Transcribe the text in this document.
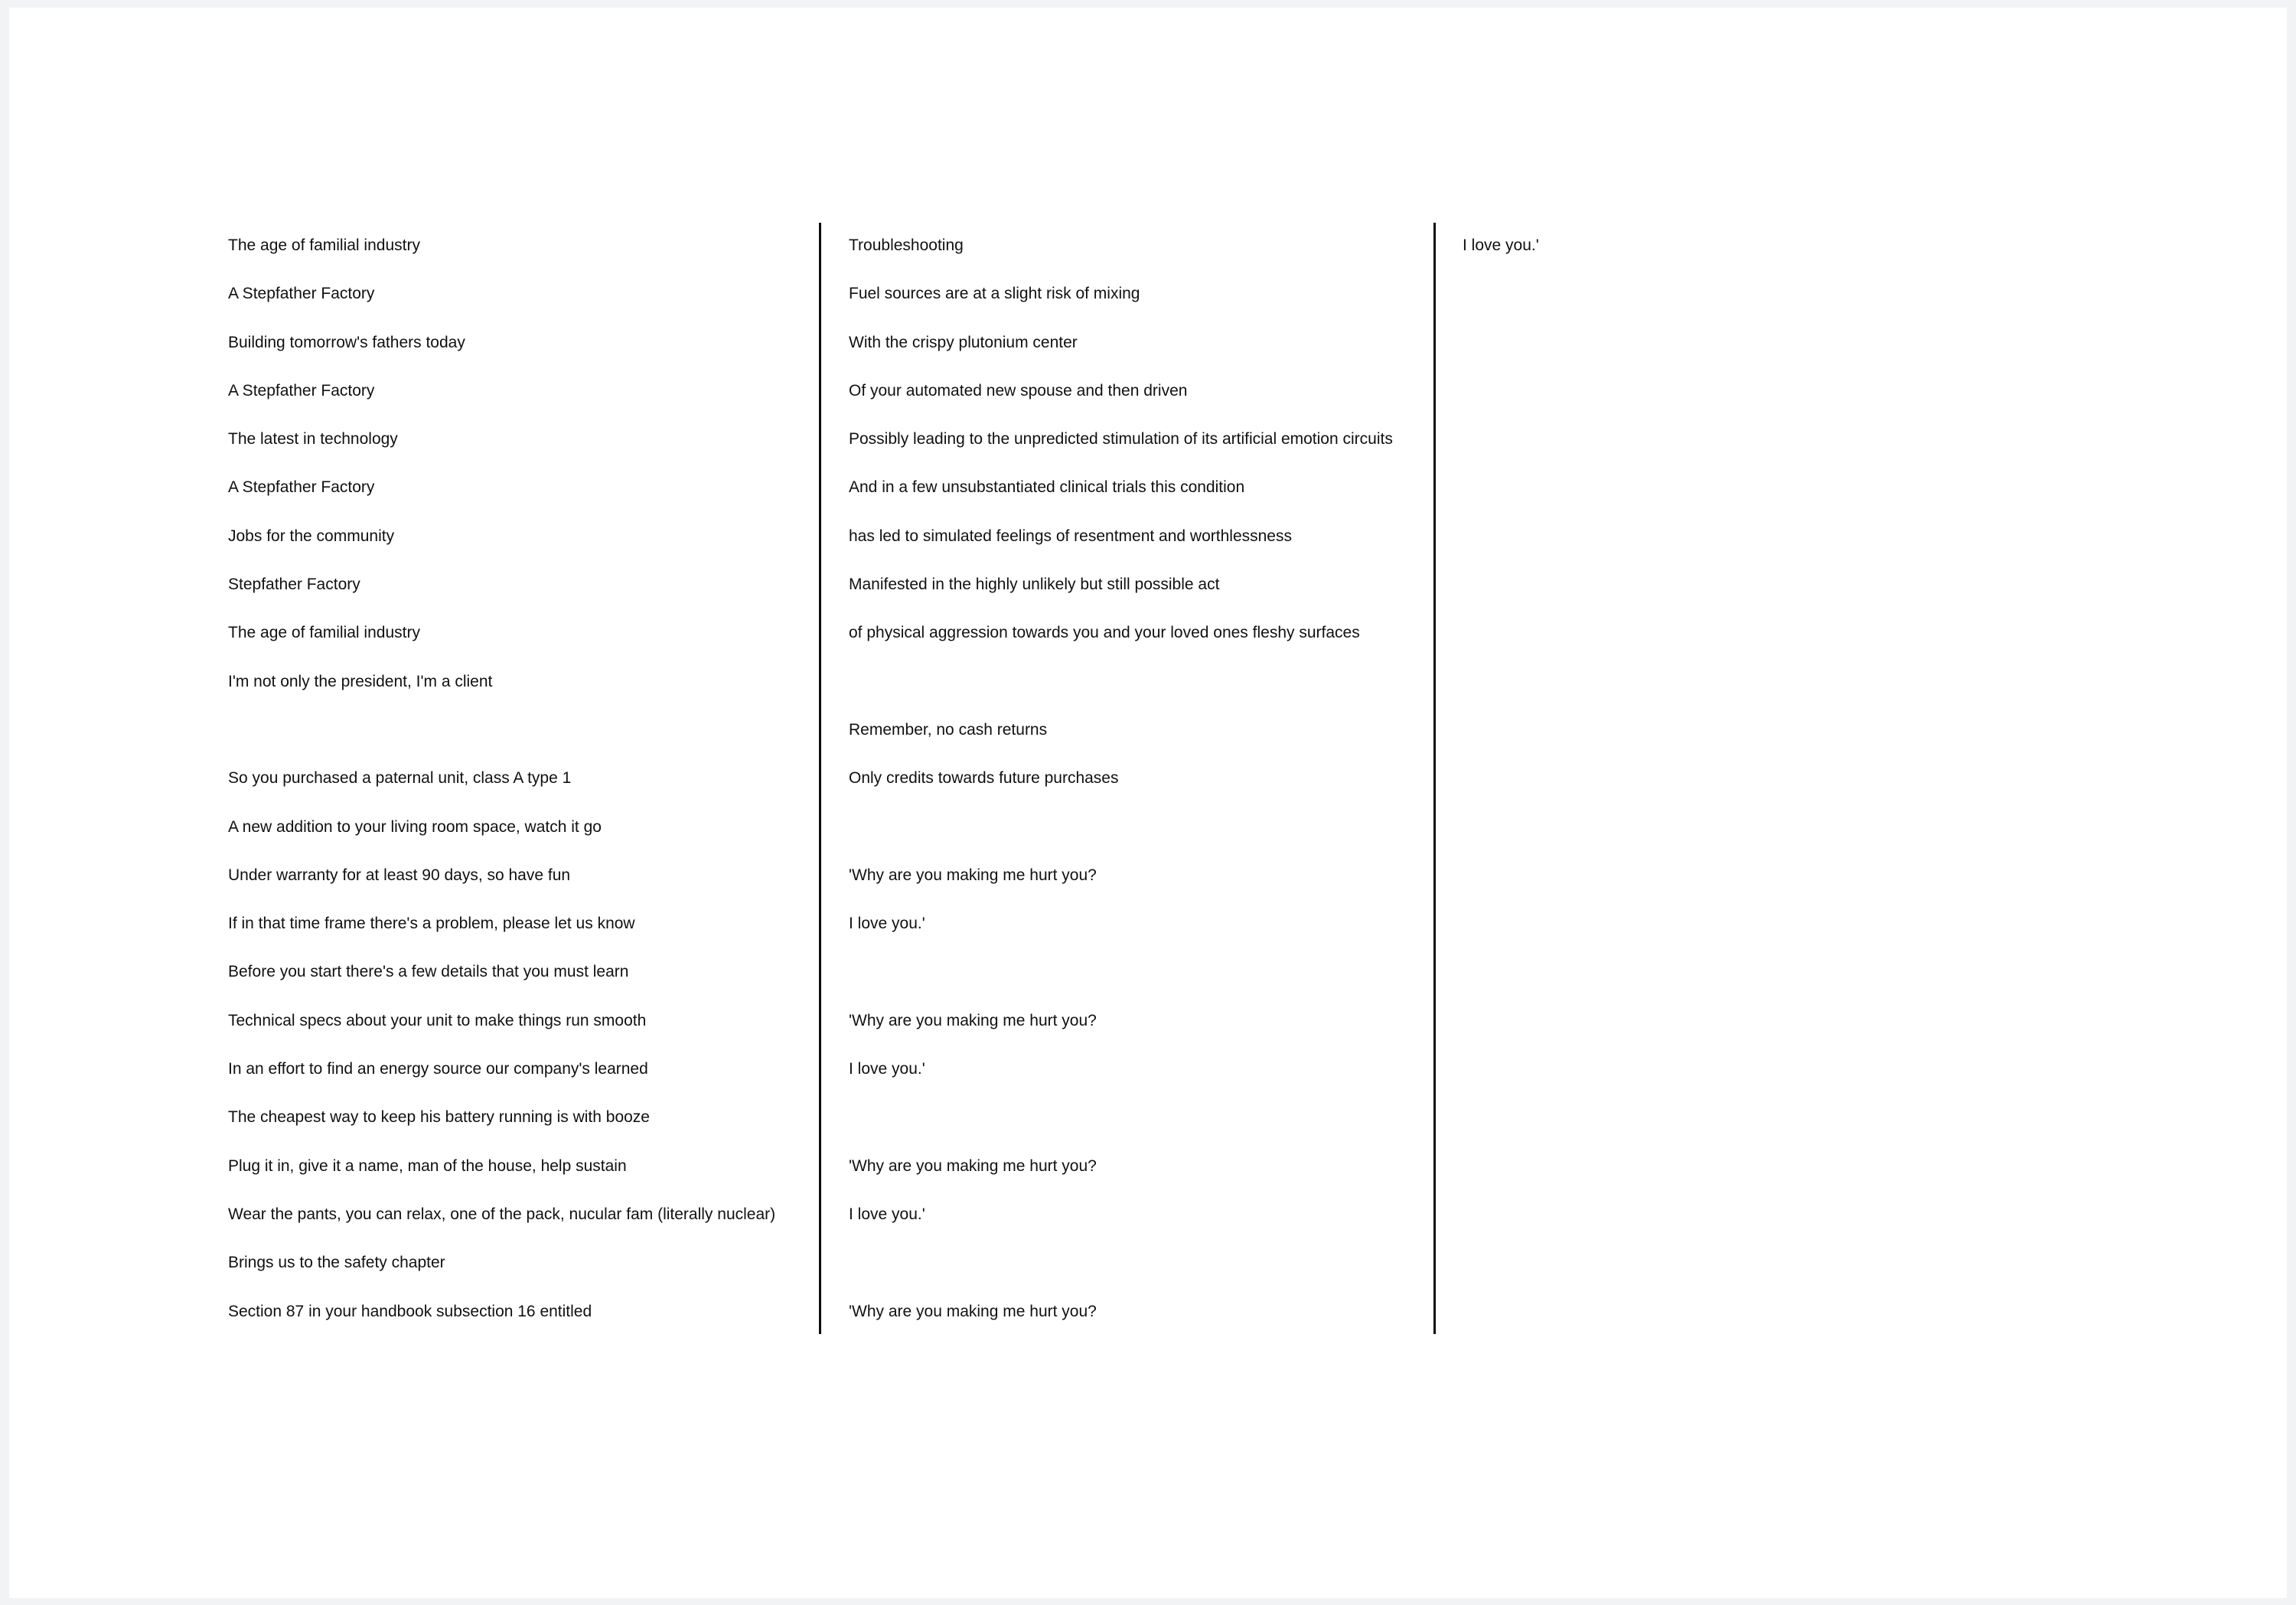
The age of familial industry

A Stepfather Factory

Building tomorrow's fathers today

A Stepfather Factory

The latest in technology

A Stepfather Factory

Jobs for the community

Stepfather Factory

The age of familial industry

I'm not only the president, I'm a client

So you purchased a paternal unit, class A type 1

A new addition to your living room space, watch it go

Under warranty for at least 90 days, so have fun

If in that time frame there's a problem, please let us know

Before you start there's a few details that you must learn

Technical specs about your unit to make things run smooth

In an effort to find an energy source our company's learned

The cheapest way to keep his battery running is with booze

Plug it in, give it a name, man of the house, help sustain

Wear the pants, you can relax, one of the pack, nucular fam (literally nuclear)

Brings us to the safety chapter

Section 87 in your handbook subsection 16 entitled

Troubleshooting

Fuel sources are at a slight risk of mixing

With the crispy plutonium center

Of your automated new spouse and then driven

Possibly leading to the unpredicted stimulation of its artificial emotion circuits

And in a few unsubstantiated clinical trials this condition

has led to simulated feelings of resentment and worthlessness

Manifested in the highly unlikely but still possible act

of physical aggression towards you and your loved ones fleshy surfaces

Remember, no cash returns

Only credits towards future purchases

'Why are you making me hurt you?

I love you.'

'Why are you making me hurt you?

I love you.'

'Why are you making me hurt you?

I love you.'

'Why are you making me hurt you?

I love you.'
